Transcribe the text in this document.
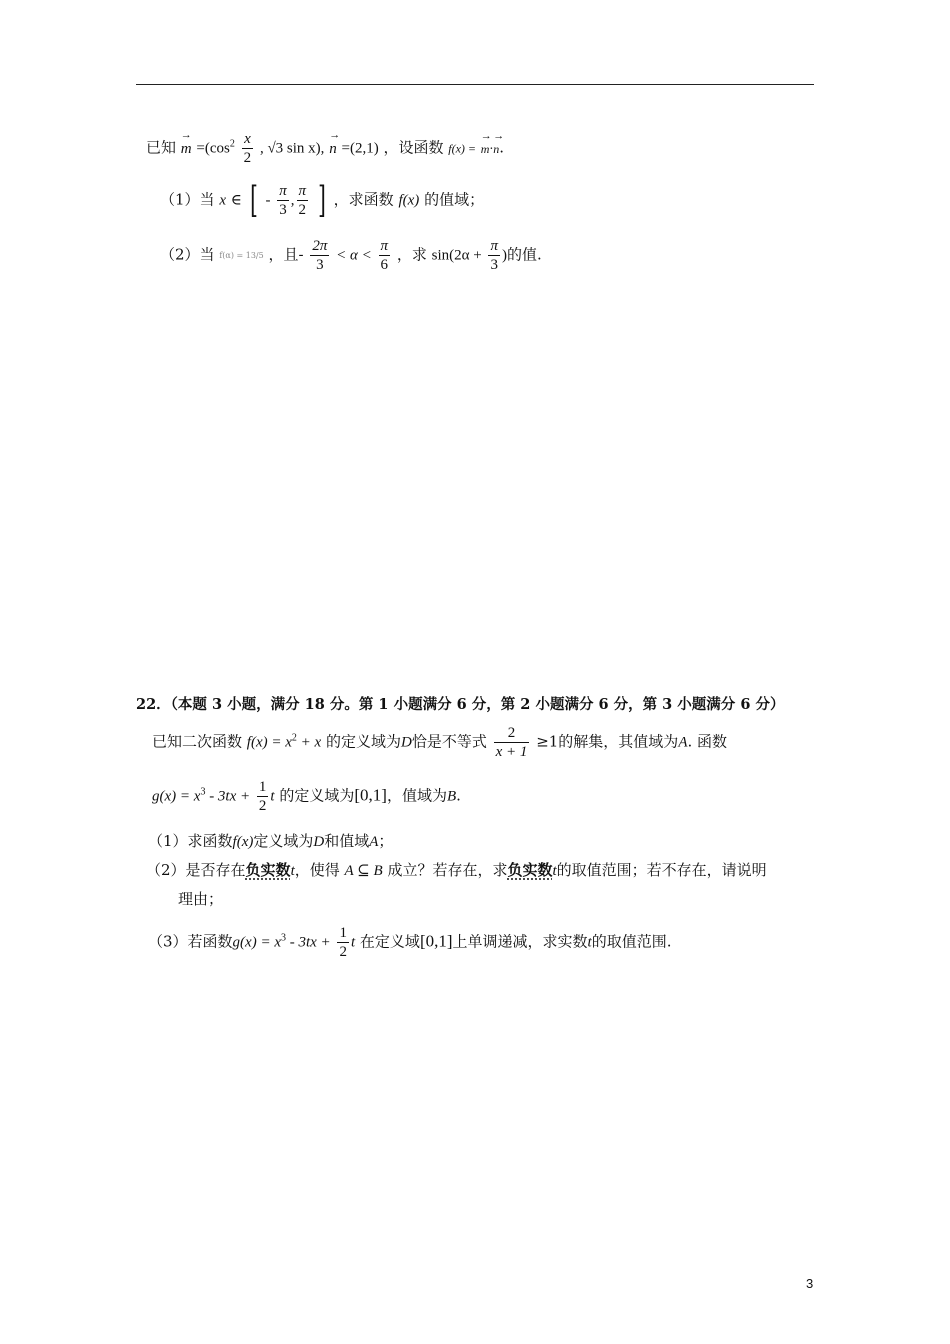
已知 → $m =(\cos^2 \frac{x}{2}$ , √3 sin x), → n =(2,1) ，设函数 f(x) = → m·→ n.
（1）当 x ∈ [ - $\frac{\pi}{3}$ , $\frac{\pi}{2}$ ] ，求函数 f(x) 的值域；
（2）当 f(α) = 13/5 ，且- $\frac{2\pi}{3} < \alpha < \frac{\pi}{6}$ ，求 $\sin(2\alpha + \frac{\pi}{3}$ )的值.
22．（本题 3 小题，满分 18 分。第 1 小题满分 6 分，第 2 小题满分 6 分，第 3 小题满分 6 分）
已知二次函数 $f(x) = x^2 + x$ 的定义域为D恰是不等式 $\frac{2}{x + 1} \ge 1$的解集，其值域为A. 函数
$g(x) = x^3 - 3tx + \frac{1}{2}$ t 的定义域为[0,1]，值域为B.
（1）求函数f(x)定义域为D和值域A；
（2）是否存在负实数t，使得 A ⊆ B 成立？若存在，求负实数t的取值范围；若不存在，请说明
理由；
（3）若函数$g(x) = x^3 - 3tx + \frac{1}{2}$ t 在定义域[0,1]上单调递减，求实数t的取值范围.
3
